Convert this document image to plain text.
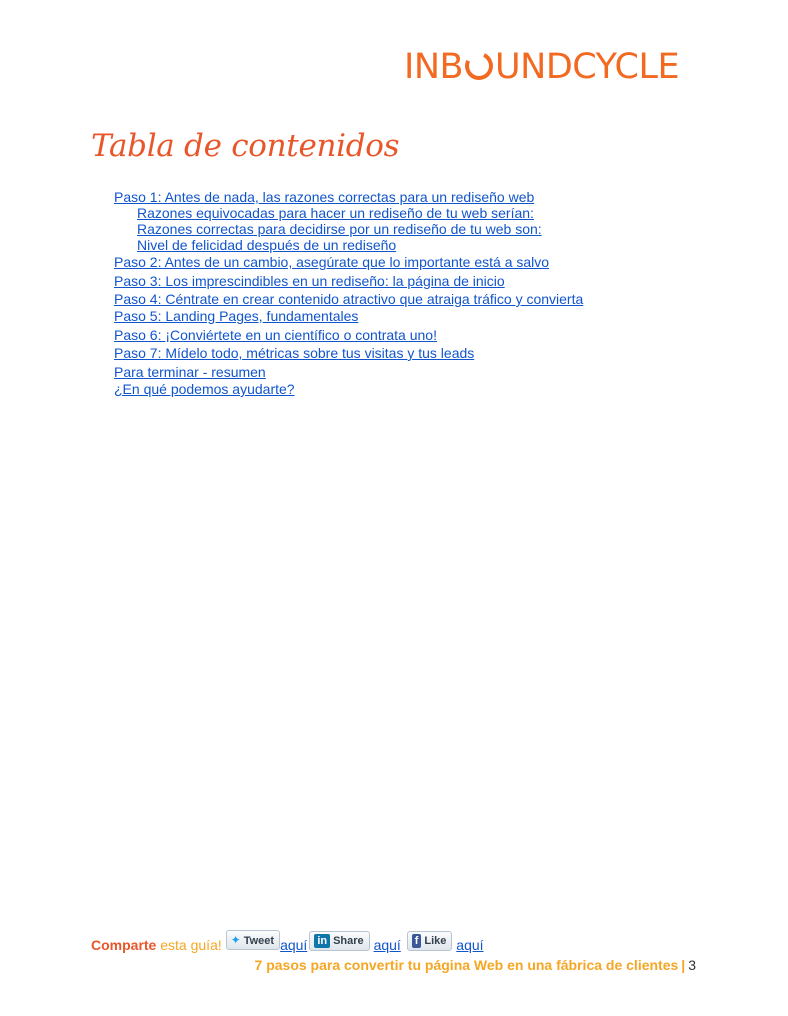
INB UNDCYCLE
Tabla de contenidos
Paso 1: Antes de nada, las razones correctas para un rediseño web
Razones equivocadas para hacer un rediseño de tu web serían:
Razones correctas para decidirse por un rediseño de tu web son:
Nivel de felicidad después de un rediseño
Paso 2: Antes de un cambio, asegúrate que lo importante está a salvo
Paso 3: Los imprescindibles en un rediseño: la página de inicio
Paso 4: Céntrate en crear contenido atractivo que atraiga tráfico y convierta
Paso 5: Landing Pages, fundamentales
Paso 6: ¡Conviértete en un científico o contrata uno!
Paso 7: Mídelo todo, métricas sobre tus visitas y tus leads
Para terminar - resumen
¿En qué podemos ayudarte?
Comparte esta guía! ✦ Tweet aquí in Share aquí f Like aquí
7 pasos para convertir tu página Web en una fábrica de clientes | 3
